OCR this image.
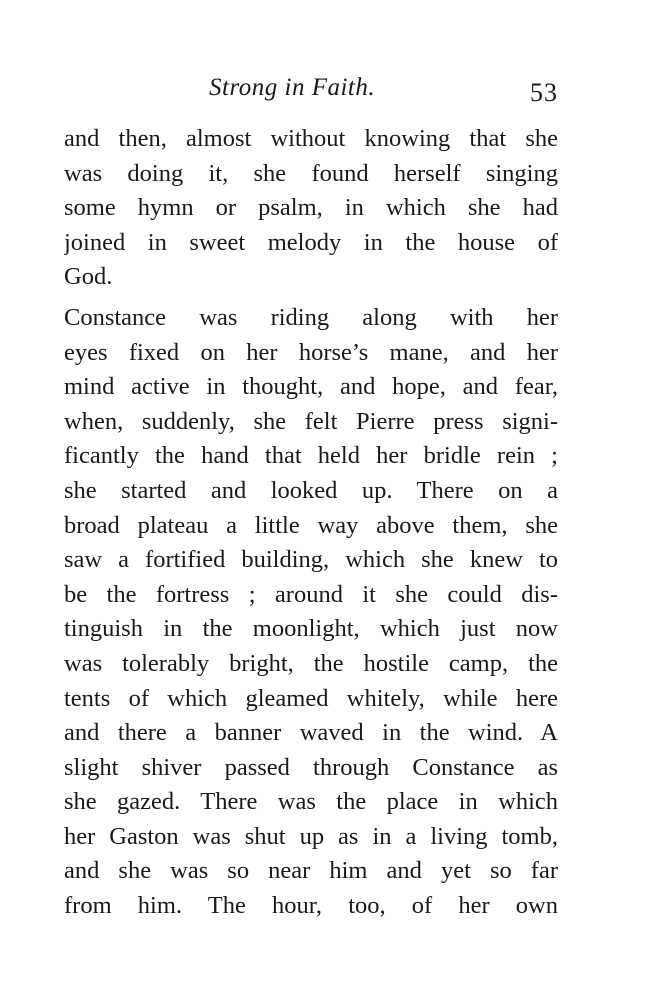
Strong in Faith.	53
and then, almost without knowing that she
was doing it, she found herself singing
some hymn or psalm, in which she had
joined in sweet melody in the house of
God.
Constance was riding along with her
eyes fixed on her horse’s mane, and her
mind active in thought, and hope, and fear,
when, suddenly, she felt Pierre press signi-
ficantly the hand that held her bridle rein ;
she started and looked up. There on a
broad plateau a little way above them, she
saw a fortified building, which she knew to
be the fortress ; around it she could dis-
tinguish in the moonlight, which just now
was tolerably bright, the hostile camp, the
tents of which gleamed whitely, while here
and there a banner waved in the wind. A
slight shiver passed through Constance as
she gazed. There was the place in which
her Gaston was shut up as in a living tomb,
and she was so near him and yet so far
from him. The hour, too, of her own
